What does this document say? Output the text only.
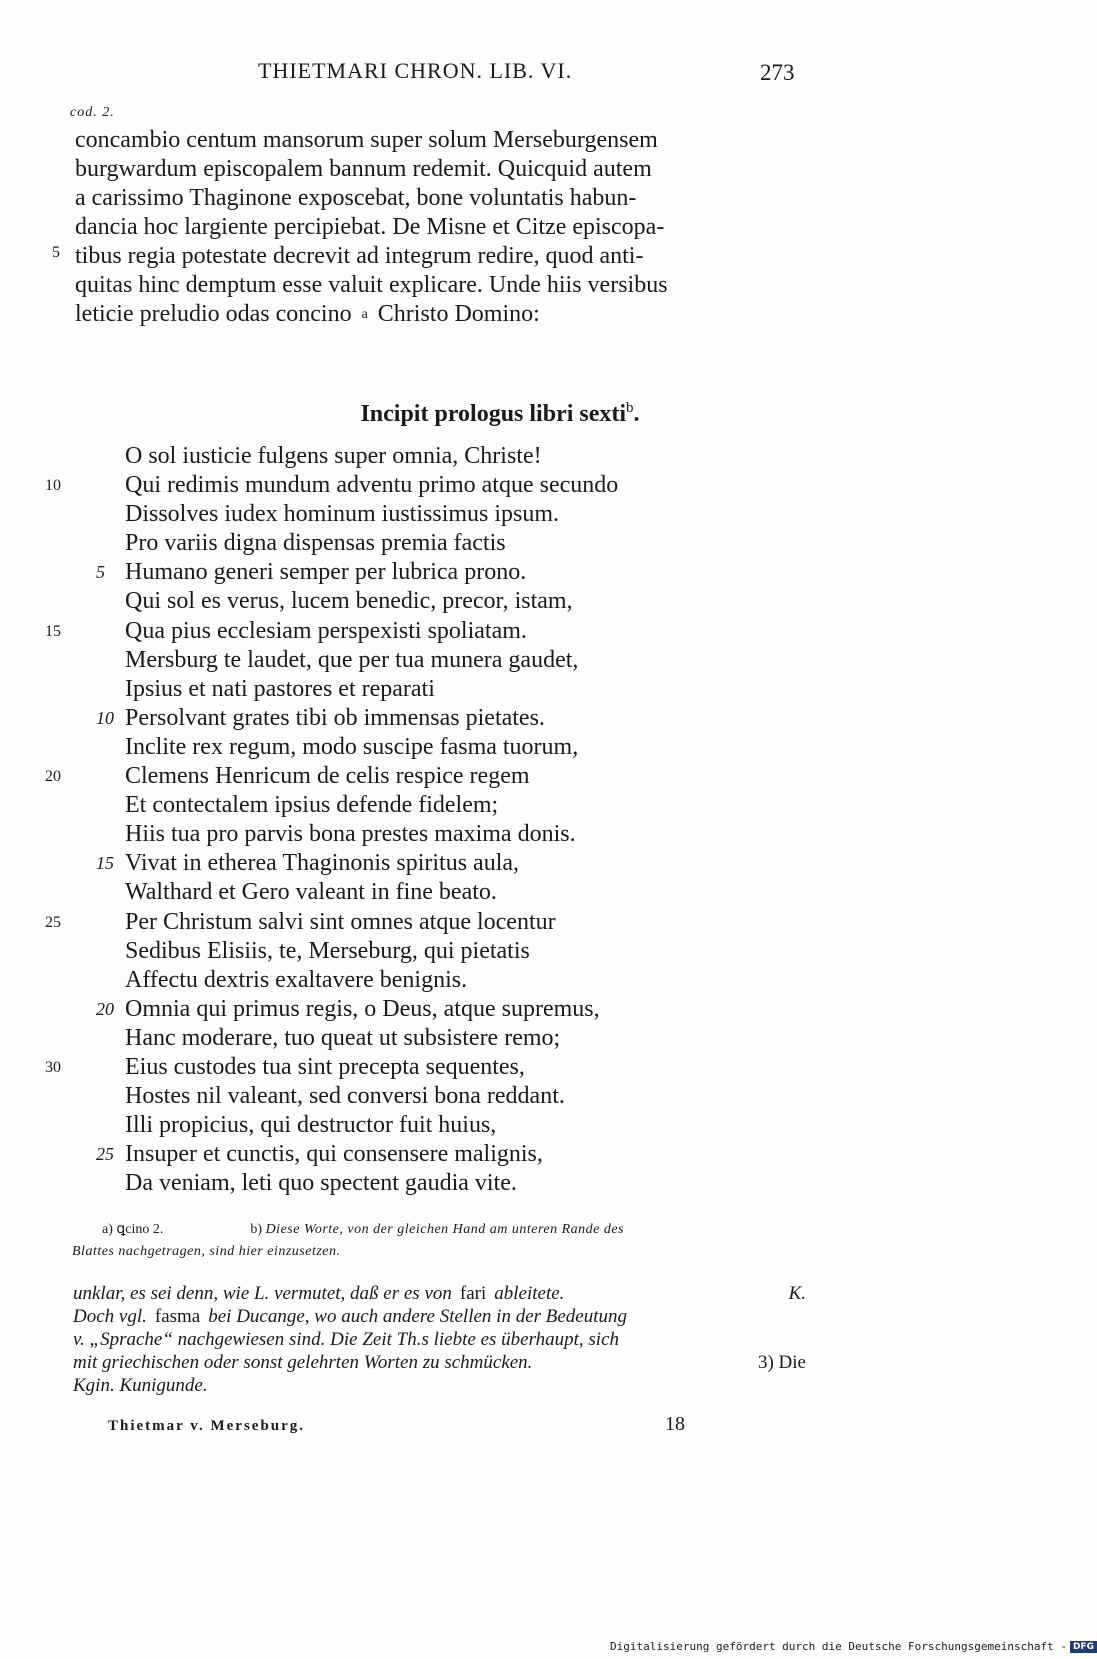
THIETMARI CHRON. LIB. VI.	273
cod. 2.
concambio centum mansorum super solum Merseburgensem
burgwardum episcopalem bannum redemit. Quicquid autem
a carissimo Thaginone exposcebat, bone voluntatis habun-
dancia hoc largiente percipiebat. De Misne et Citze episcopa-
tibus regia potestate decrevit ad integrum redire, quod anti-
quitas hinc demptum esse valuit explicare. Unde hiis versibus
leticie preludio odas concino a Christo Domino:
5
Incipit prologus libri sexti$^b$.
O sol iusticie fulgens super omnia, Christe!
Qui redimis mundum adventu primo atque secundo
10
Dissolves iudex hominum iustissimus ipsum.
Pro variis digna dispensas premia factis
Humano generi semper per lubrica prono.
5
Qui sol es verus, lucem benedic, precor, istam,
Qua pius ecclesiam perspexisti spoliatam.
15
Mersburg te laudet, que per tua munera gaudet,
Ipsius et nati pastores et reparati
Persolvant grates tibi ob immensas pietates.
10
Inclite rex regum, modo suscipe fasma tuorum,
Clemens Henricum de celis respice regem
20
Et contectalem ipsius defende fidelem;
Hiis tua pro parvis bona prestes maxima donis.
Vivat in etherea Thaginonis spiritus aula,
15
Walthard et Gero valeant in fine beato.
Per Christum salvi sint omnes atque locentur
25
Sedibus Elisiis, te, Merseburg, qui pietatis
Affectu dextris exaltavere benignis.
Omnia qui primus regis, o Deus, atque supremus,
20
Hanc moderare, tuo queat ut subsistere remo;
Eius custodes tua sint precepta sequentes,
30
Hostes nil valeant, sed conversi bona reddant.
Illi propicius, qui destructor fuit huius,
Insuper et cunctis, qui consensere malignis,
25
Da veniam, leti quo spectent gaudia vite.
a) ꝗcino 2.	b) Diese Worte, von der gleichen Hand am unteren Rande des
Blattes nachgetragen, sind hier einzusetzen.
unklar, es sei denn, wie L. vermutet, daß er es von fari ableitete.	K.
Doch vgl. fasma bei Ducange, wo auch andere Stellen in der Bedeutung
v. „Sprache“ nachgewiesen sind. Die Zeit Th.s liebte es überhaupt, sich
mit griechischen oder sonst gelehrten Worten zu schmücken.	3) Die
Kgin. Kunigunde.
Thietmar v. Merseburg.	18
Digitalisierung gefördert durch die Deutsche Forschungsgemeinschaft - DFG
